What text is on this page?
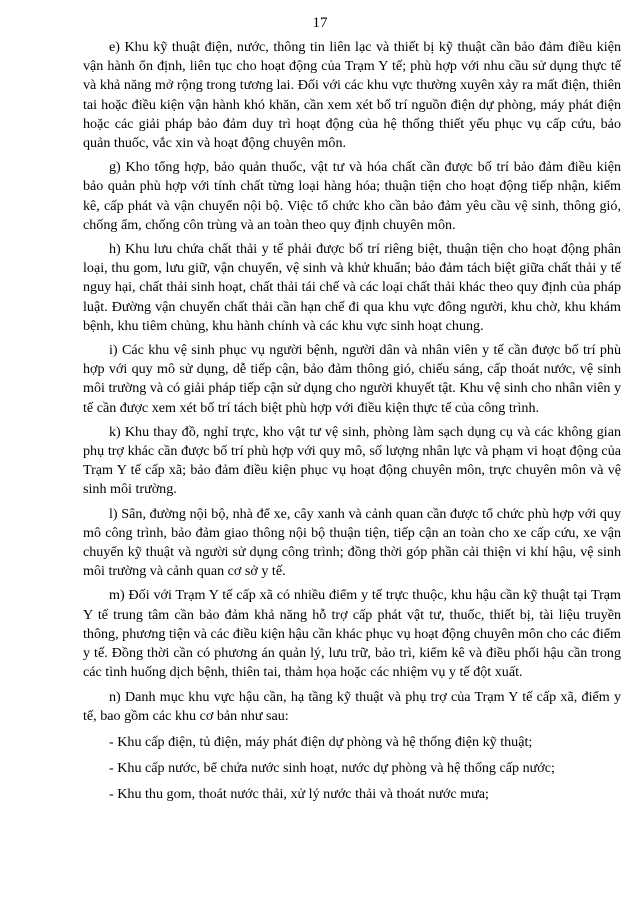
17

e) Khu kỹ thuật điện, nước, thông tin liên lạc và thiết bị kỹ thuật cần bảo đảm điều kiện vận hành ổn định, liên tục cho hoạt động của Trạm Y tế; phù hợp với nhu cầu sử dụng thực tế và khả năng mở rộng trong tương lai. Đối với các khu vực thường xuyên xảy ra mất điện, thiên tai hoặc điều kiện vận hành khó khăn, cần xem xét bố trí nguồn điện dự phòng, máy phát điện hoặc các giải pháp bảo đảm duy trì hoạt động của hệ thống thiết yếu phục vụ cấp cứu, bảo quản thuốc, vắc xin và hoạt động chuyên môn.

g) Kho tổng hợp, bảo quản thuốc, vật tư và hóa chất cần được bố trí bảo đảm điều kiện bảo quản phù hợp với tính chất từng loại hàng hóa; thuận tiện cho hoạt động tiếp nhận, kiểm kê, cấp phát và vận chuyển nội bộ. Việc tổ chức kho cần bảo đảm yêu cầu vệ sinh, thông gió, chống ẩm, chống côn trùng và an toàn theo quy định chuyên môn.

h) Khu lưu chứa chất thải y tế phải được bố trí riêng biệt, thuận tiện cho hoạt động phân loại, thu gom, lưu giữ, vận chuyển, vệ sinh và khử khuẩn; bảo đảm tách biệt giữa chất thải y tế nguy hại, chất thải sinh hoạt, chất thải tái chế và các loại chất thải khác theo quy định của pháp luật. Đường vận chuyển chất thải cần hạn chế đi qua khu vực đông người, khu chờ, khu khám bệnh, khu tiêm chủng, khu hành chính và các khu vực sinh hoạt chung.

i) Các khu vệ sinh phục vụ người bệnh, người dân và nhân viên y tế cần được bố trí phù hợp với quy mô sử dụng, dễ tiếp cận, bảo đảm thông gió, chiếu sáng, cấp thoát nước, vệ sinh môi trường và có giải pháp tiếp cận sử dụng cho người khuyết tật. Khu vệ sinh cho nhân viên y tế cần được xem xét bố trí tách biệt phù hợp với điều kiện thực tế của công trình.

k) Khu thay đồ, nghỉ trực, kho vật tư vệ sinh, phòng làm sạch dụng cụ và các không gian phụ trợ khác cần được bố trí phù hợp với quy mô, số lượng nhân lực và phạm vi hoạt động của Trạm Y tế cấp xã; bảo đảm điều kiện phục vụ hoạt động chuyên môn, trực chuyên môn và vệ sinh môi trường.

l) Sân, đường nội bộ, nhà để xe, cây xanh và cảnh quan cần được tổ chức phù hợp với quy mô công trình, bảo đảm giao thông nội bộ thuận tiện, tiếp cận an toàn cho xe cấp cứu, xe vận chuyển kỹ thuật và người sử dụng công trình; đồng thời góp phần cải thiện vi khí hậu, vệ sinh môi trường và cảnh quan cơ sở y tế.

m) Đối với Trạm Y tế cấp xã có nhiều điểm y tế trực thuộc, khu hậu cần kỹ thuật tại Trạm Y tế trung tâm cần bảo đảm khả năng hỗ trợ cấp phát vật tư, thuốc, thiết bị, tài liệu truyền thông, phương tiện và các điều kiện hậu cần khác phục vụ hoạt động chuyên môn cho các điểm y tế. Đồng thời cần có phương án quản lý, lưu trữ, bảo trì, kiểm kê và điều phối hậu cần trong các tình huống dịch bệnh, thiên tai, thảm họa hoặc các nhiệm vụ y tế đột xuất.

n) Danh mục khu vực hậu cần, hạ tầng kỹ thuật và phụ trợ của Trạm Y tế cấp xã, điểm y tế, bao gồm các khu cơ bản như sau:

- Khu cấp điện, tủ điện, máy phát điện dự phòng và hệ thống điện kỹ thuật;

- Khu cấp nước, bể chứa nước sinh hoạt, nước dự phòng và hệ thống cấp nước;

- Khu thu gom, thoát nước thải, xử lý nước thải và thoát nước mưa;
